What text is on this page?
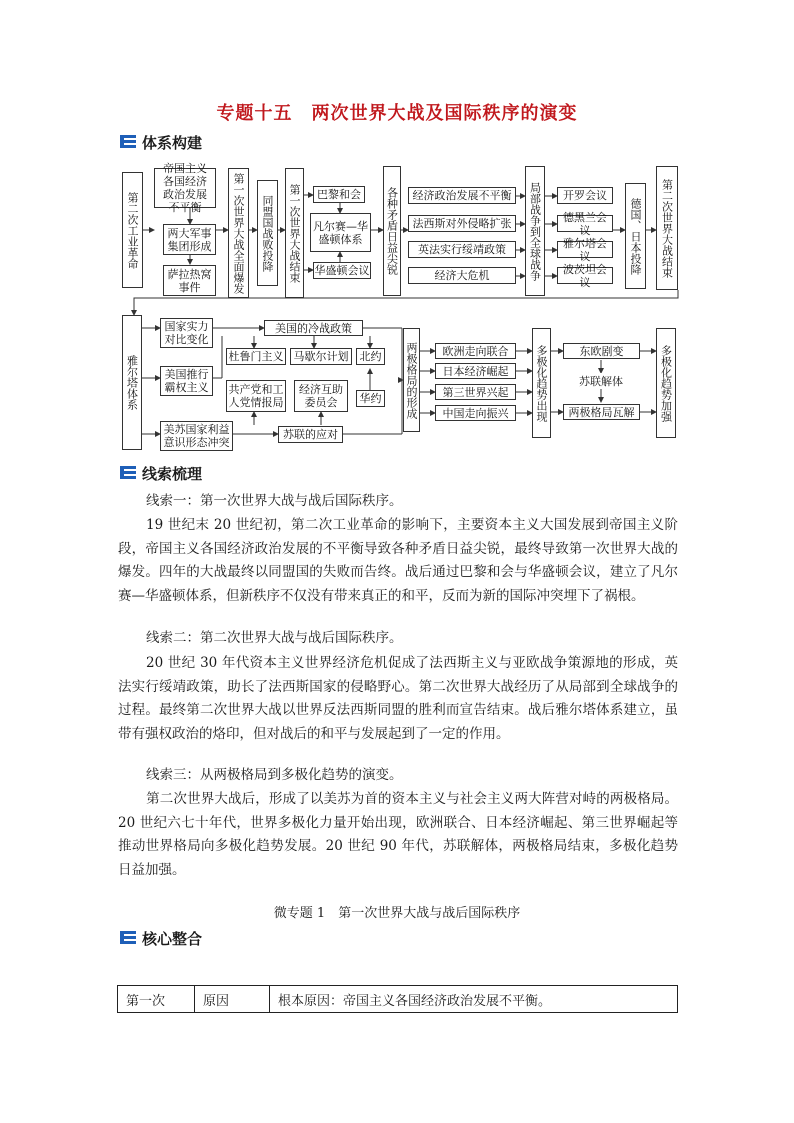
专题十五　两次世界大战及国际秩序的演变
体系构建
第二次工业革命
帝国主义各国经济政治发展不平衡
两大军事集团形成
萨拉热窝事件	第一次世界大战全面爆发	同盟国战败投降	第一次世界大战结束	巴黎和会
凡尔赛—华盛顿体系
华盛顿会议 各种矛盾日益尖锐	经济政治发展不平衡
法西斯对外侵略扩张
英法实行绥靖政策
经济大危机	局部战争到全球战争	开罗会议
德黑兰会议
雅尔塔会议
波茨坦会议
德国、日本投降	第二次世界大战结束
雅尔塔体系
国家实力对比变化
美国推行霸权主义
美苏国家利益意识形态冲突
美国的冷战政策
杜鲁门主义 马歇尔计划	北约
共产党和工人党情报局
经济互助委员会	华约
苏联的应对
两极格局的形成	欧洲走向联合
日本经济崛起
第三世界兴起
中国走向振兴	多极化趋势出现	东欧剧变
苏联解体
两极格局瓦解	多极化趋势加强
线索梳理
线索一：第一次世界大战与战后国际秩序。
19 世纪末 20 世纪初，第二次工业革命的影响下，主要资本主义大国发展到帝国主义阶段，帝国主义各国经济政治发展的不平衡导致各种矛盾日益尖锐，最终导致第一次世界大战的爆发。四年的大战最终以同盟国的失败而告终。战后通过巴黎和会与华盛顿会议，建立了凡尔赛—华盛顿体系，但新秩序不仅没有带来真正的和平，反而为新的国际冲突埋下了祸根。
线索二：第二次世界大战与战后国际秩序。
20 世纪 30 年代资本主义世界经济危机促成了法西斯主义与亚欧战争策源地的形成，英法实行绥靖政策，助长了法西斯国家的侵略野心。第二次世界大战经历了从局部到全球战争的过程。最终第二次世界大战以世界反法西斯同盟的胜利而宣告结束。战后雅尔塔体系建立，虽带有强权政治的烙印，但对战后的和平与发展起到了一定的作用。
线索三：从两极格局到多极化趋势的演变。
第二次世界大战后，形成了以美苏为首的资本主义与社会主义两大阵营对峙的两极格局。20 世纪六七十年代，世界多极化力量开始出现，欧洲联合、日本经济崛起、第三世界崛起等推动世界格局向多极化趋势发展。20 世纪 90 年代，苏联解体，两极格局结束，多极化趋势日益加强。
微专题 1　第一次世界大战与战后国际秩序
核心整合
第一次	原因	根本原因：帝国主义各国经济政治发展不平衡。
